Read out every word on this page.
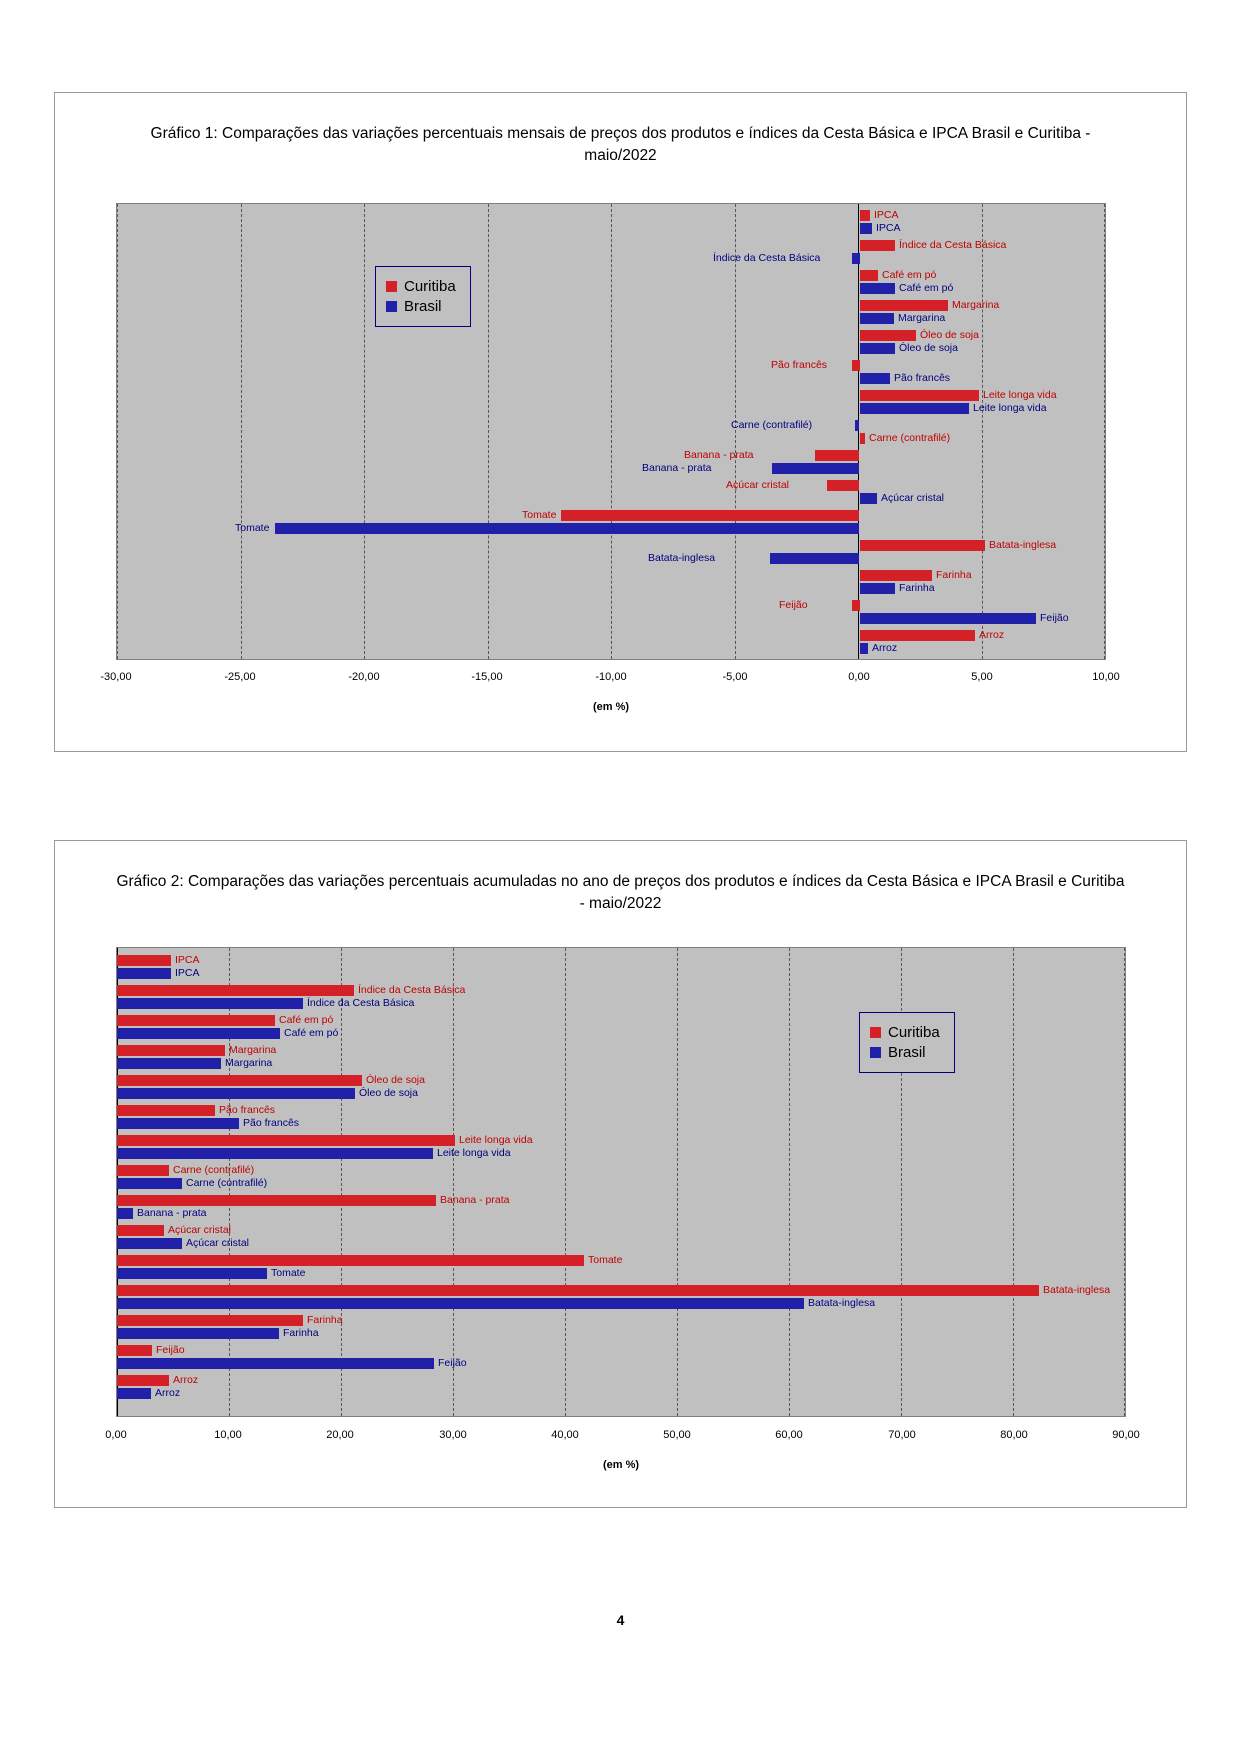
Gráfico 1: Comparações das variações percentuais mensais de preços dos produtos e índices da Cesta Básica e IPCA Brasil e Curitiba - maio/2022
Curitiba
Brasil
IPCA
IPCA
Índice da Cesta Básica
Índice da Cesta Básica
Café em pó
Café em pó
Margarina
Margarina
Óleo de soja
Óleo de soja
Pão francês
Pão francês
Leite longa vida
Leite longa vida
Carne (contrafilé)
Carne (contrafilé)
Banana - prata
Banana - prata
Açúcar cristal
Açúcar cristal
Tomate
Tomate
Batata-inglesa
Batata-inglesa
Farinha
Farinha
Feijão
Feijão
Arroz
Arroz
-30,00	-25,00	-20,00	-15,00	-10,00	-5,00	0,00	5,00	10,00
(em %)
Gráfico 2: Comparações das variações percentuais acumuladas no ano de preços dos produtos e índices da Cesta Básica e IPCA Brasil e Curitiba - maio/2022
Curitiba
Brasil
IPCA
IPCA
Índice da Cesta Básica
Índice da Cesta Básica
Café em pó
Café em pó
Margarina
Margarina
Óleo de soja
Óleo de soja
Pão francês
Pão francês
Leite longa vida
Leite longa vida
Carne (contrafilé)
Carne (contrafilé)
Banana - prata
Banana - prata
Açúcar cristal
Açúcar cristal
Tomate
Tomate
Batata-inglesa
Batata-inglesa
Farinha
Farinha
Feijão
Feijão
Arroz
Arroz
0,00	10,00	20,00	30,00	40,00	50,00	60,00	70,00	80,00	90,00
(em %)
4
